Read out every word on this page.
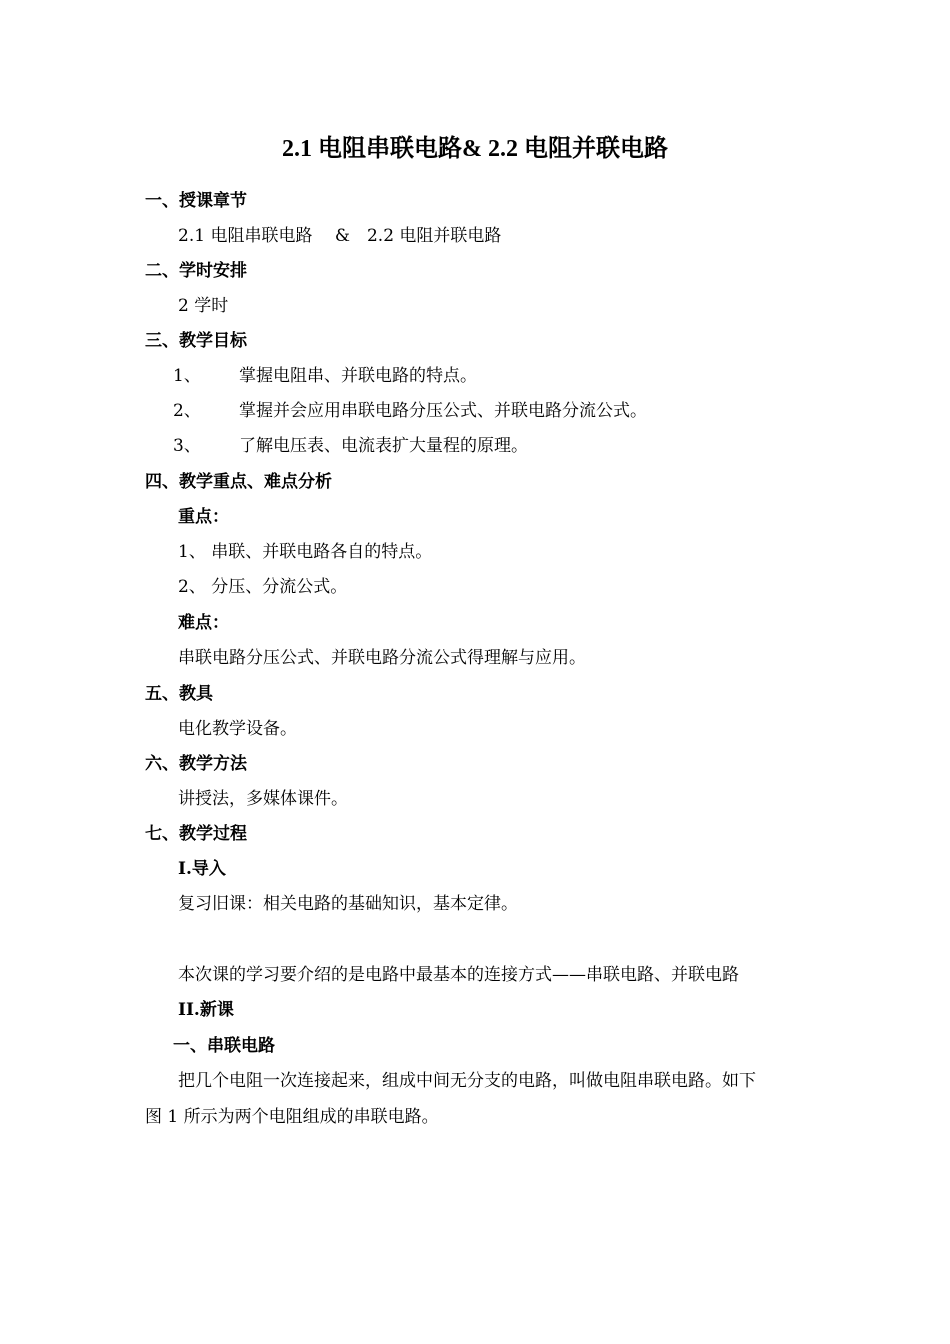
2.1 电阻串联电路& 2.2 电阻并联电路
一、授课章节
2.1 电阻串联电路　 &　2.2 电阻并联电路
二、学时安排
2 学时
三、教学目标
1、 掌握电阻串、并联电路的特点。
2、 掌握并会应用串联电路分压公式、并联电路分流公式。
3、 了解电压表、电流表扩大量程的原理。
四、教学重点、难点分析
重点：
1、 串联、并联电路各自的特点。
2、 分压、分流公式。
难点：
串联电路分压公式、并联电路分流公式得理解与应用。
五、教具
电化教学设备。
六、教学方法
讲授法，多媒体课件。
七、教学过程
I.导入
复习旧课：相关电路的基础知识，基本定律。
本次课的学习要介绍的是电路中最基本的连接方式——串联电路、并联电路
II.新课
一、串联电路
把几个电阻一次连接起来，组成中间无分支的电路，叫做电阻串联电路。如下
图 1 所示为两个电阻组成的串联电路。
